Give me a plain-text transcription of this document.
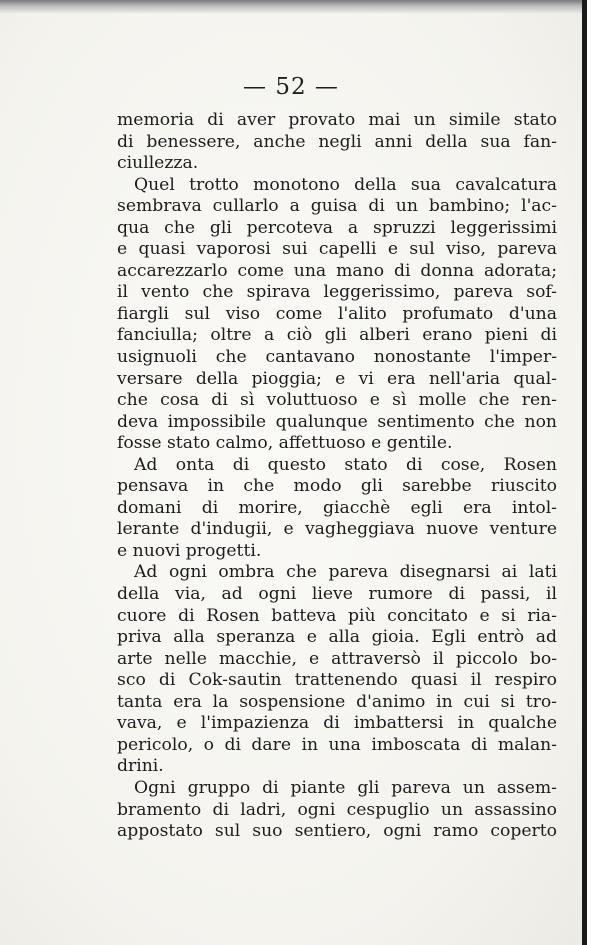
— 52 —
memoria di aver provato mai un simile stato
di benessere, anche negli anni della sua fan-
ciullezza.
Quel trotto monotono della sua cavalcatura
sembrava cullarlo a guisa di un bambino; l'ac-
qua che gli percoteva a spruzzi leggerissimi
e quasi vaporosi sui capelli e sul viso, pareva
accarezzarlo come una mano di donna adorata;
il vento che spirava leggerissimo, pareva sof-
fiargli sul viso come l'alito profumato d'una
fanciulla; oltre a ciò gli alberi erano pieni di
usignuoli che cantavano nonostante l'imper-
versare della pioggia; e vi era nell'aria qual-
che cosa di sì voluttuoso e sì molle che ren-
deva impossibile qualunque sentimento che non
fosse stato calmo, affettuoso e gentile.
Ad onta di questo stato di cose, Rosen
pensava in che modo gli sarebbe riuscito
domani di morire, giacchè egli era intol-
lerante d'indugii, e vagheggiava nuove venture
e nuovi progetti.
Ad ogni ombra che pareva disegnarsi ai lati
della via, ad ogni lieve rumore di passi, il
cuore di Rosen batteva più concitato e si ria-
priva alla speranza e alla gioia. Egli entrò ad
arte nelle macchie, e attraversò il piccolo bo-
sco di Cok-sautin trattenendo quasi il respiro
tanta era la sospensione d'animo in cui si tro-
vava, e l'impazienza di imbattersi in qualche
pericolo, o di dare in una imboscata di malan-
drini.
Ogni gruppo di piante gli pareva un assem-
bramento di ladri, ogni cespuglio un assassino
appostato sul suo sentiero, ogni ramo coperto
